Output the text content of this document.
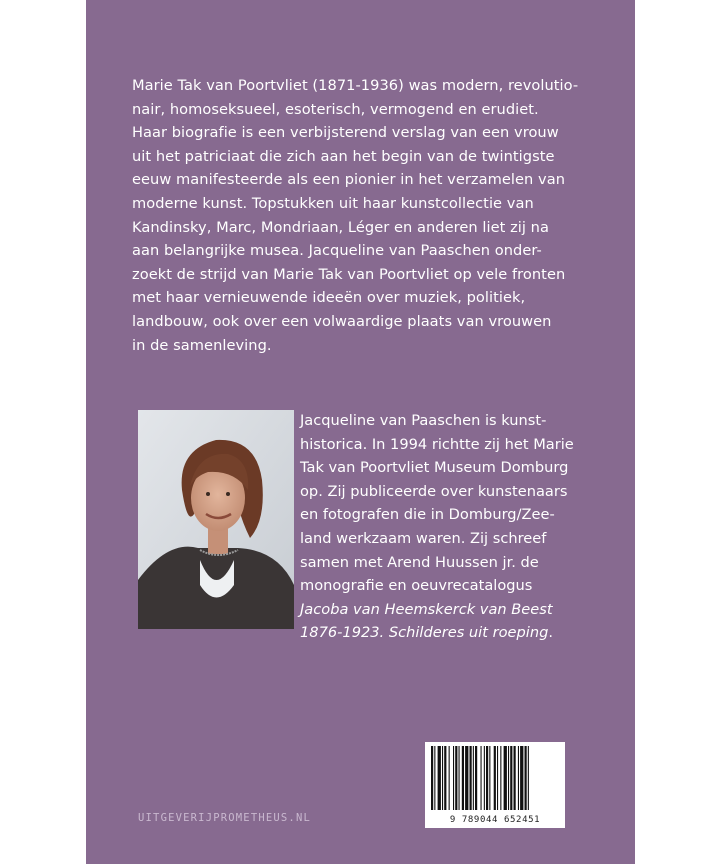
Marie Tak van Poortvliet (1871-1936) was modern, revolutio-
nair, homoseksueel, esoterisch, vermogend en erudiet.
Haar biografie is een verbijsterend verslag van een vrouw
uit het patriciaat die zich aan het begin van de twintigste
eeuw manifesteerde als een pionier in het verzamelen van
moderne kunst. Topstukken uit haar kunstcollectie van
Kandinsky, Marc, Mondriaan, Léger en anderen liet zij na
aan belangrijke musea. Jacqueline van Paaschen onder-
zoekt de strijd van Marie Tak van Poortvliet op vele fronten
met haar vernieuwende ideeën over muziek, politiek,
landbouw, ook over een volwaardige plaats van vrouwen
in de samenleving.

Jacqueline van Paaschen is kunst-
historica. In 1994 richtte zij het Marie
Tak van Poortvliet Museum Domburg
op. Zij publiceerde over kunstenaars
en fotografen die in Domburg/Zee-
land werkzaam waren. Zij schreef
samen met Arend Huussen jr. de
monografie en oeuvrecatalogus
Jacoba van Heemskerck van Beest
1876-1923. Schilderes uit roeping.

UITGEVERIJPROMETHEUS.NL	9 789044 652451
